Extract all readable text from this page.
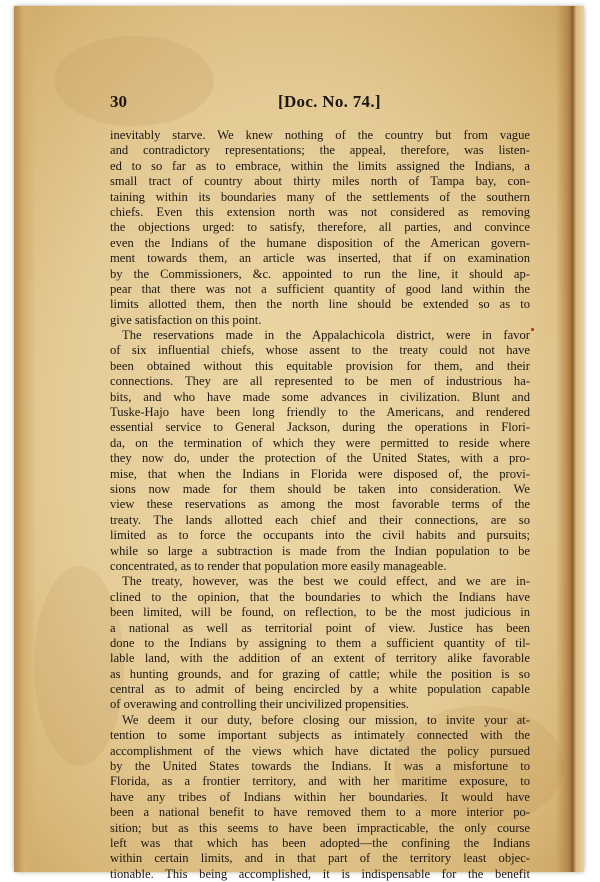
30	[Doc. No. 74.]
inevitably starve. We knew nothing of the country but from vague
and contradictory representations; the appeal, therefore, was listen-
ed to so far as to embrace, within the limits assigned the Indians, a
small tract of country about thirty miles north of Tampa bay, con-
taining within its boundaries many of the settlements of the southern
chiefs. Even this extension north was not considered as removing
the objections urged: to satisfy, therefore, all parties, and convince
even the Indians of the humane disposition of the American govern-
ment towards them, an article was inserted, that if on examination
by the Commissioners, &c. appointed to run the line, it should ap-
pear that there was not a sufficient quantity of good land within the
limits allotted them, then the north line should be extended so as to
give satisfaction on this point.
The reservations made in the Appalachicola district, were in favor
of six influential chiefs, whose assent to the treaty could not have
been obtained without this equitable provision for them, and their
connections. They are all represented to be men of industrious ha-
bits, and who have made some advances in civilization. Blunt and
Tuske-Hajo have been long friendly to the Americans, and rendered
essential service to General Jackson, during the operations in Flori-
da, on the termination of which they were permitted to reside where
they now do, under the protection of the United States, with a pro-
mise, that when the Indians in Florida were disposed of, the provi-
sions now made for them should be taken into consideration. We
view these reservations as among the most favorable terms of the
treaty. The lands allotted each chief and their connections, are so
limited as to force the occupants into the civil habits and pursuits;
while so large a subtraction is made from the Indian population to be
concentrated, as to render that population more easily manageable.
The treaty, however, was the best we could effect, and we are in-
clined to the opinion, that the boundaries to which the Indians have
been limited, will be found, on reflection, to be the most judicious in
a national as well as territorial point of view. Justice has been
done to the Indians by assigning to them a sufficient quantity of til-
lable land, with the addition of an extent of territory alike favorable
as hunting grounds, and for grazing of cattle; while the position is so
central as to admit of being encircled by a white population capable
of overawing and controlling their uncivilized propensities.
We deem it our duty, before closing our mission, to invite your at-
tention to some important subjects as intimately connected with the
accomplishment of the views which have dictated the policy pursued
by the United States towards the Indians. It was a misfortune to
Florida, as a frontier territory, and with her maritime exposure, to
have any tribes of Indians within her boundaries. It would have
been a national benefit to have removed them to a more interior po-
sition; but as this seems to have been impracticable, the only course
left was that which has been adopted—the confining the Indians
within certain limits, and in that part of the territory least objec-
tionable. This being accomplished, it is indispensable for the benefit
